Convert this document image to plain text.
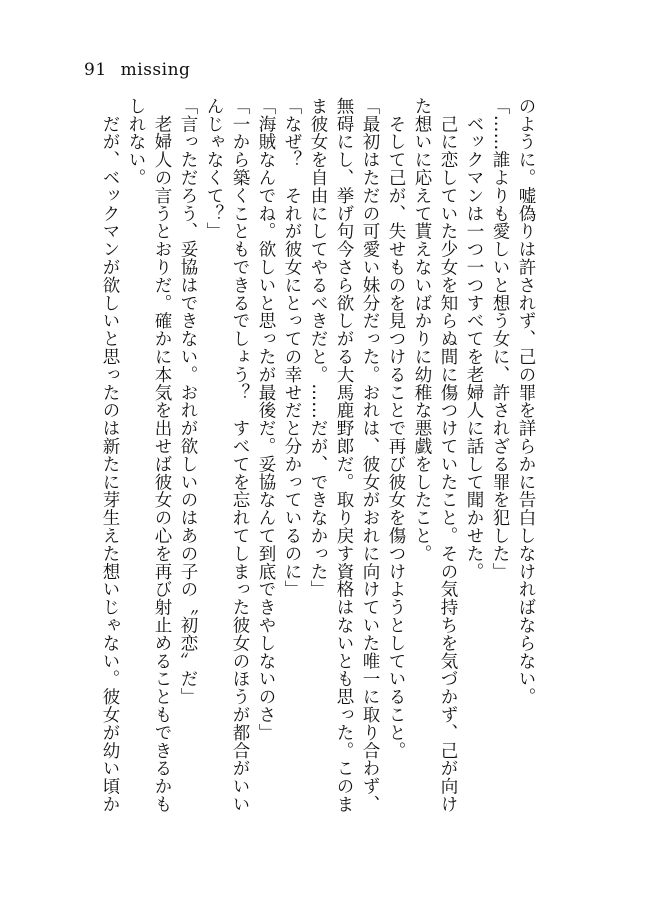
91 missing

のように。嘘偽りは許されず、己の罪を詳らかに告白しなければならない。

「……誰よりも愛しいと想う女に、許されざる罪を犯した」

　ベックマンは一つ一つすべてを老婦人に話して聞かせた。

　己に恋していた少女を知らぬ間に傷つけていたこと。その気持ちを気づかず、己が向け

た想いに応えて貰えないばかりに幼稚な悪戯をしたこと。

　そして己が、失せものを見つけることで再び彼女を傷つけようとしていること。

「最初はただの可愛い妹分だった。おれは、彼女がおれに向けていた唯一に取り合わず、

無碍にし、挙げ句今さら欲しがる大馬鹿野郎だ。取り戻す資格はないとも思った。このま

ま彼女を自由にしてやるべきだと。……だが、できなかった」

「なぜ？　それが彼女にとっての幸せだと分かっているのに」

「海賊なんでね。欲しいと思ったが最後だ。妥協なんて到底できやしないのさ」

「一から築くこともできるでしょう？　すべてを忘れてしまった彼女のほうが都合がいい

んじゃなくて？」

「言っただろう、妥協はできない。おれが欲しいのはあの子の〝初恋〟だ」

　老婦人の言うとおりだ。確かに本気を出せば彼女の心を再び射止めることもできるかも

しれない。

　だが、ベックマンが欲しいと思ったのは新たに芽生えた想いじゃない。彼女が幼い頃か
